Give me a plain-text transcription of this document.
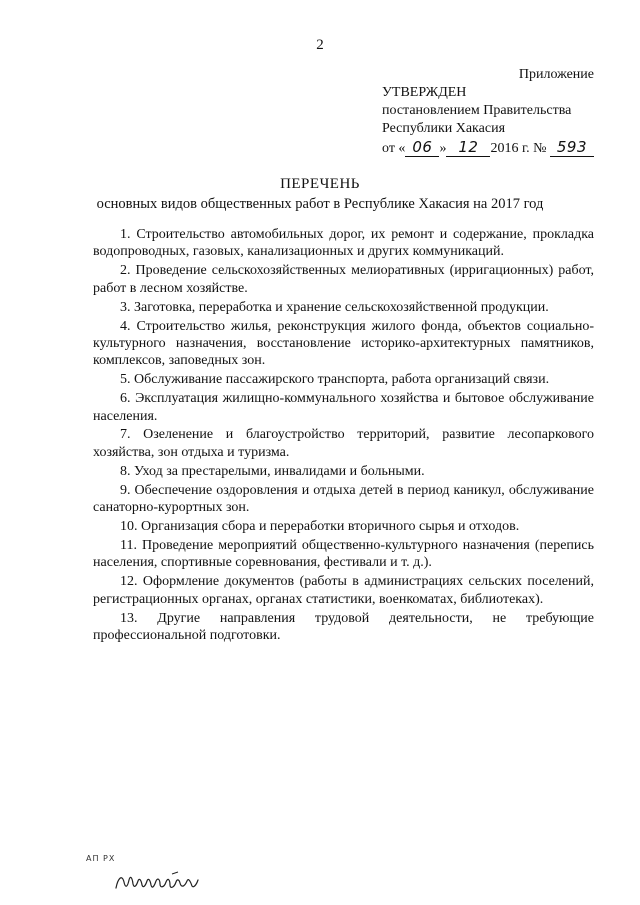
2
Приложение
УТВЕРЖДЕН
постановлением Правительства
Республики Хакасия
от « 06 » 12 2016 г. № 593
ПЕРЕЧЕНЬ
основных видов общественных работ в Республике Хакасия на 2017 год

1. Строительство автомобильных дорог, их ремонт и содержание, прокладка водопроводных, газовых, канализационных и других коммуникаций.

2. Проведение сельскохозяйственных мелиоративных (ирригационных) работ, работ в лесном хозяйстве.

3. Заготовка, переработка и хранение сельскохозяйственной продукции.

4. Строительство жилья, реконструкция жилого фонда, объектов социально-культурного назначения, восстановление историко-архитектурных памятников, комплексов, заповедных зон.

5. Обслуживание пассажирского транспорта, работа организаций связи.

6. Эксплуатация жилищно-коммунального хозяйства и бытовое обслуживание населения.

7. Озеленение и благоустройство территорий, развитие лесопаркового хозяйства, зон отдыха и туризма.

8. Уход за престарелыми, инвалидами и больными.

9. Обеспечение оздоровления и отдыха детей в период каникул, обслуживание санаторно-курортных зон.

10. Организация сбора и переработки вторичного сырья и отходов.

11. Проведение мероприятий общественно-культурного назначения (перепись населения, спортивные соревнования, фестивали и т. д.).

12. Оформление документов (работы в администрациях сельских поселений, регистрационных органах, органах статистики, военкоматах, библиотеках).

13. Другие направления трудовой деятельности, не требующие профессиональной подготовки.

АП РХ
